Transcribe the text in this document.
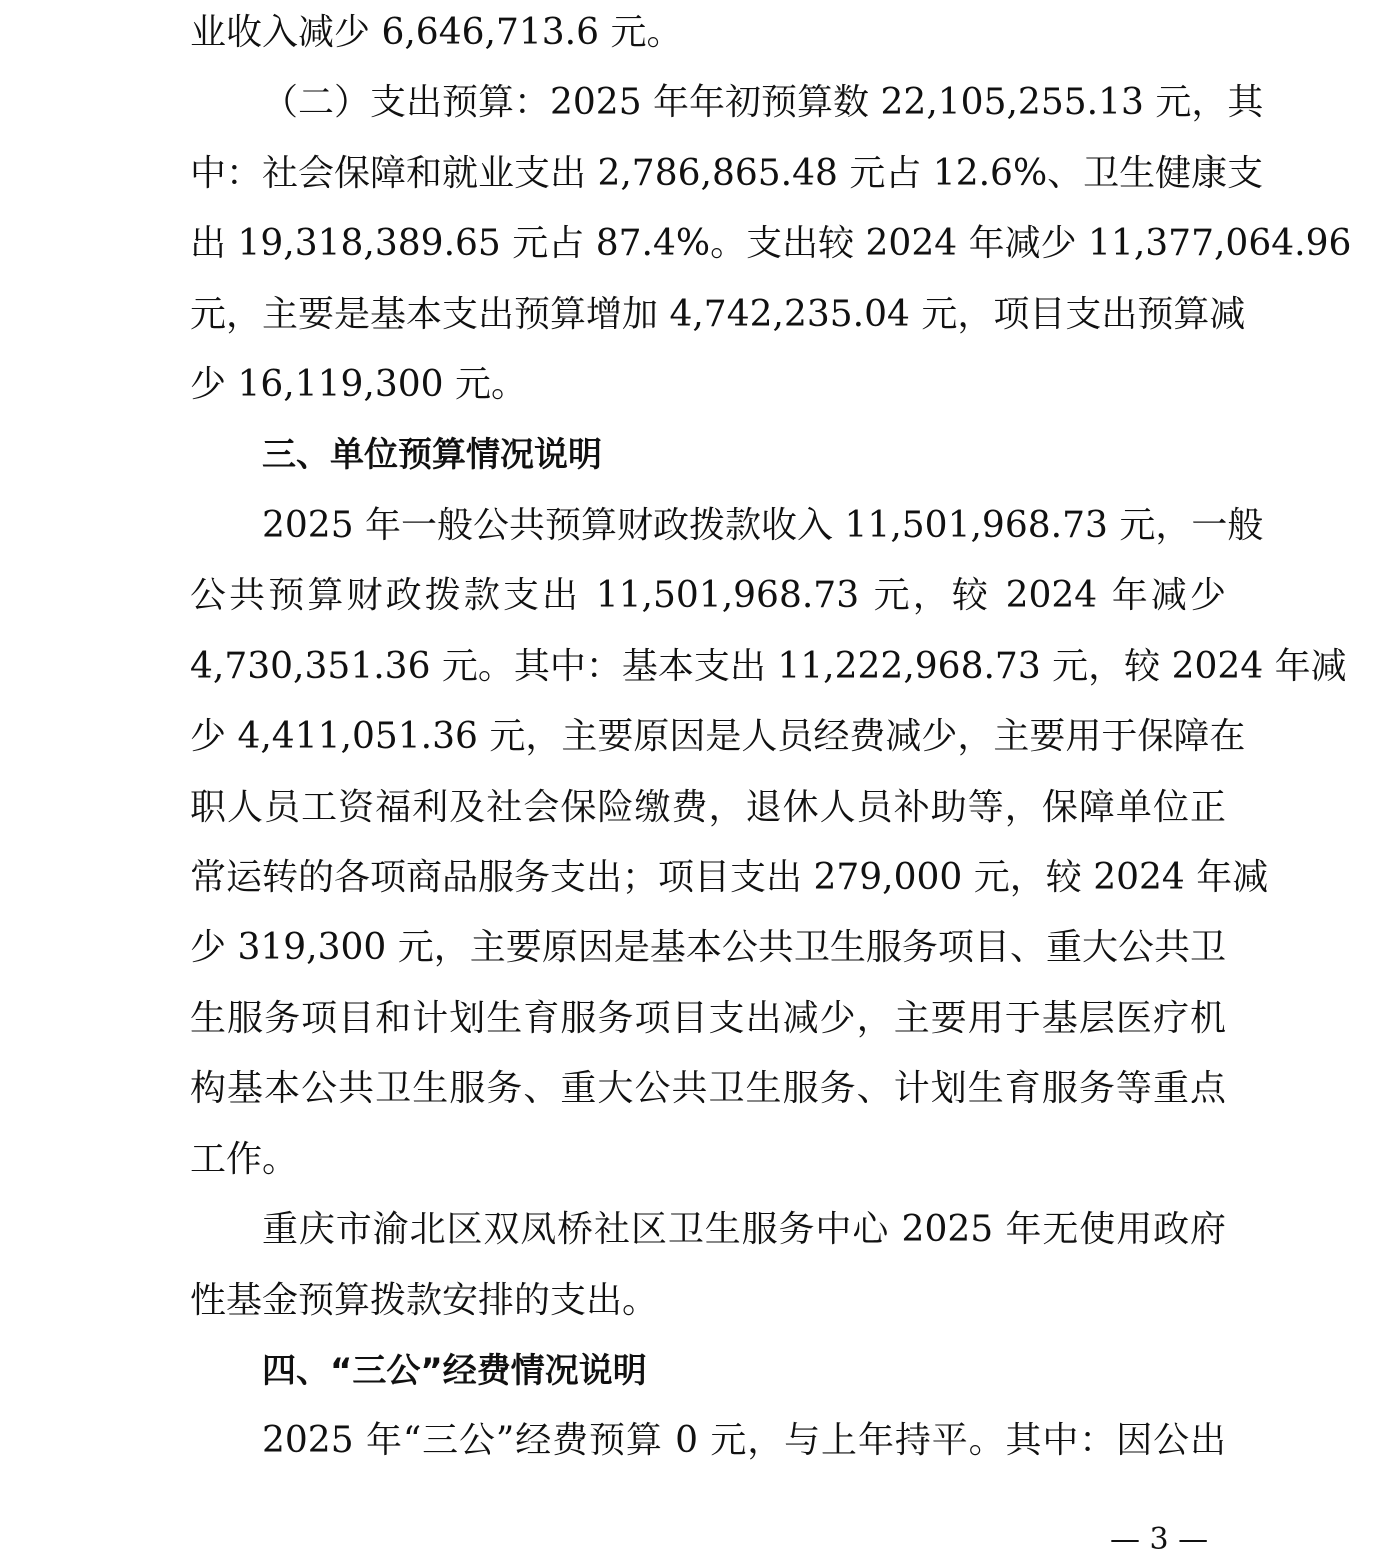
业收入减少 6,646,713.6 元。
（二）支出预算：2025 年年初预算数 22,105,255.13 元，其
中：社会保障和就业支出 2,786,865.48 元占 12.6%、卫生健康支
出 19,318,389.65 元占 87.4%。支出较 2024 年减少 11,377,064.96
元，主要是基本支出预算增加 4,742,235.04 元，项目支出预算减
少 16,119,300 元。
三、单位预算情况说明
2025 年一般公共预算财政拨款收入 11,501,968.73 元，一般
公共预算财政拨款支出 11,501,968.73 元，较 2024 年减少
4,730,351.36 元。其中：基本支出 11,222,968.73 元，较 2024 年减
少 4,411,051.36 元，主要原因是人员经费减少，主要用于保障在
职人员工资福利及社会保险缴费，退休人员补助等，保障单位正
常运转的各项商品服务支出；项目支出 279,000 元，较 2024 年减
少 319,300 元，主要原因是基本公共卫生服务项目、重大公共卫
生服务项目和计划生育服务项目支出减少，主要用于基层医疗机
构基本公共卫生服务、重大公共卫生服务、计划生育服务等重点
工作。
重庆市渝北区双凤桥社区卫生服务中心 2025 年无使用政府
性基金预算拨款安排的支出。
四、“三公”经费情况说明
2025 年“三公”经费预算 0 元，与上年持平。其中：因公出
— 3 —
